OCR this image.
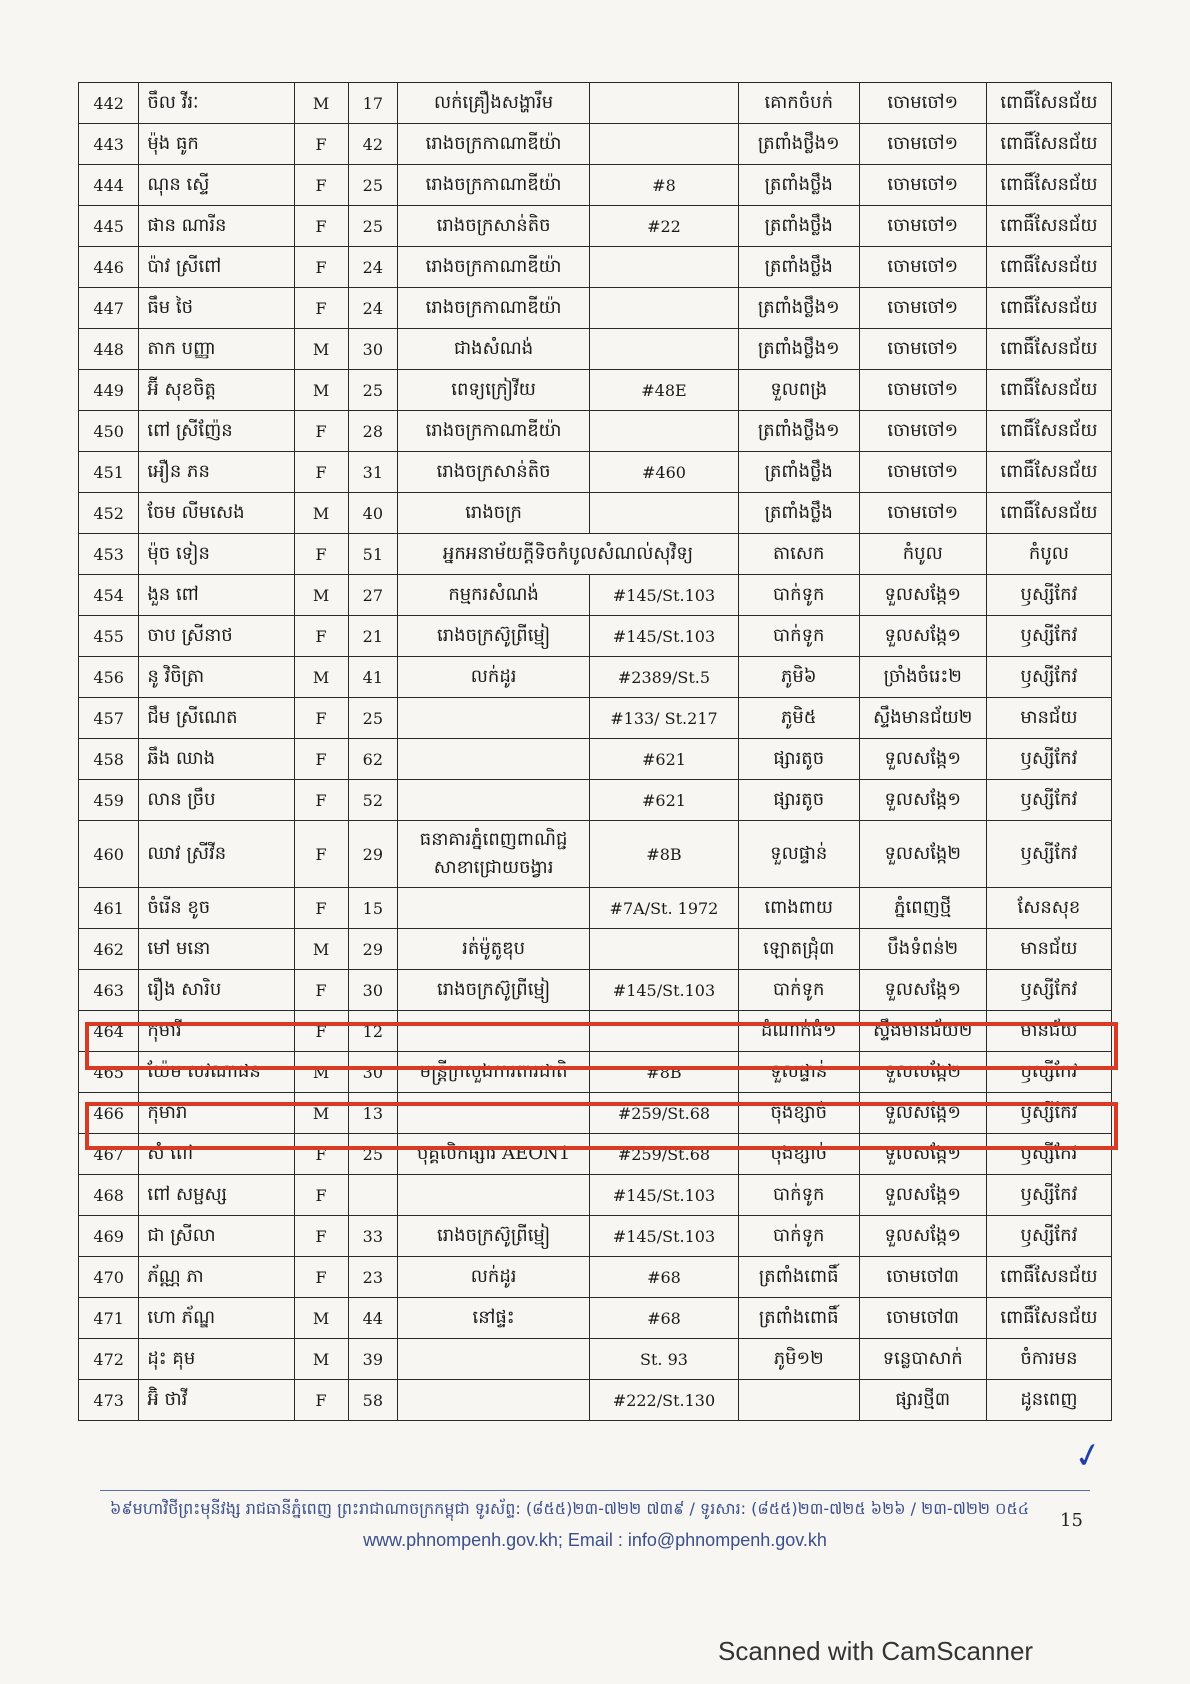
442	ចឹល វីរៈ	M	17	លក់គ្រឿងសង្ហារឹម		គោកចំបក់	ចោមចៅ១	ពោធិ៍សែនជ័យ
443	ម៉ុង ធូក	F	42	រោងចក្រកាណាឌីយ៉ា		ត្រពាំងថ្លឹង១	ចោមចៅ១	ពោធិ៍សែនជ័យ
444	ណុន ស្ទើ	F	25	រោងចក្រកាណាឌីយ៉ា	#8	ត្រពាំងថ្លឹង	ចោមចៅ១	ពោធិ៍សែនជ័យ
445	ផាន ណារីន	F	25	រោងចក្រសាន់តិច	#22	ត្រពាំងថ្លឹង	ចោមចៅ១	ពោធិ៍សែនជ័យ
446	ប៉ាវ ស្រីពៅ	F	24	រោងចក្រកាណាឌីយ៉ា		ត្រពាំងថ្លឹង	ចោមចៅ១	ពោធិ៍សែនជ័យ
447	ធឹម ថៃ	F	24	រោងចក្រកាណាឌីយ៉ា		ត្រពាំងថ្លឹង១	ចោមចៅ១	ពោធិ៍សែនជ័យ
448	តាក បញ្ញា	M	30	ជាងសំណង់		ត្រពាំងថ្លឹង១	ចោមចៅ១	ពោធិ៍សែនជ័យ
449	អ៊ី សុខចិត្ត	M	25	ពេទ្យក្រៀវីយ	#48E	ទួលពង្រ	ចោមចៅ១	ពោធិ៍សែនជ័យ
450	ពៅ ស្រីញ៉ែន	F	28	រោងចក្រកាណាឌីយ៉ា		ត្រពាំងថ្លឹង១	ចោមចៅ១	ពោធិ៍សែនជ័យ
451	អឿន ភន	F	31	រោងចក្រសាន់តិច	#460	ត្រពាំងថ្លឹង	ចោមចៅ១	ពោធិ៍សែនជ័យ
452	ចែម លីមសេង	M	40	រោងចក្រ		ត្រពាំងថ្លឹង	ចោមចៅ១	ពោធិ៍សែនជ័យ
453	ម៉ុច ទៀន	F	51	អ្នកអនាម័យក្ដីទិចកំបូលសំណល់សុវិទ្យ		តាសេក	កំបូល	កំបូល
454	ងួន ពៅ	M	27	កម្មករសំណង់	#145/St.103	បាក់ទូក	ទួលសង្កែ១	ឫស្សីកែវ
455	ចាប ស្រីនាថ	F	21	រោងចក្រស៊ូព្រីម្មៀ	#145/St.103	បាក់ទូក	ទួលសង្កែ១	ឫស្សីកែវ
456	នូ វិចិត្រា	M	41	លក់ដូរ	#2389/St.5	ភូមិ៦	ច្រាំងចំរេះ២	ឫស្សីកែវ
457	ជឹម ស្រីណេត	F	25		#133/ St.217	ភូមិ៥	ស្ទឹងមានជ័យ២	មានជ័យ
458	ឆឹង ឈាង	F	62		#621	ផ្សារតូច	ទួលសង្កែ១	ឫស្សីកែវ
459	លាន ច្រឹប	F	52		#621	ផ្សារតូច	ទួលសង្កែ១	ឫស្សីកែវ
460	ឈាវ ស្រីវីន	F	29	ធនាគារភ្នំពេញពាណិជ្ជ សាខាជ្រោយចង្វារ	#8B	ទួលផ្ទាន់	ទួលសង្កែ២	ឫស្សីកែវ
461	ចំរើន ខូច	F	15		#7A/St. 1972	ពោងពាយ	ភ្នំពេញថ្មី	សែនសុខ
462	មៅ មនោ	M	29	រត់ម៉ូតូឌុប		ឡោតជ្រុំ៣	បឹងទំពន់២	មានជ័យ
463	រឿង សារិប	F	30	រោងចក្រស៊ូព្រីម្មៀ	#145/St.103	បាក់ទូក	ទួលសង្កែ១	ឫស្សីកែវ
464	កុមារី	F	12			ដំណាក់ធំ១	ស្ទឹងមានជ័យ២	មានជ័យ
465	យ៉ែម សវណាផន	M	30	មន្ត្រីក្រសួងការពារជាតិ	#8B	ទួលផ្ទាន់	ទួលសង្កែ២	ឫស្សីកែវ
466	កុមារា	M	13		#259/St.68	ចុងខ្សាច់	ទួលសង្កែ១	ឫស្សីកែវ
467	សំ ពៅ	F	25	បុគ្គលិកផ្សារ AEON1	#259/St.68	ចុងខ្សាច់	ទួលសង្កែ១	ឫស្សីកែវ
468	ពៅ សម្ផស្ស	F			#145/St.103	បាក់ទូក	ទួលសង្កែ១	ឫស្សីកែវ
469	ជា ស្រីលា	F	33	រោងចក្រស៊ូព្រីម្មៀ	#145/St.103	បាក់ទូក	ទួលសង្កែ១	ឫស្សីកែវ
470	ភ័ណ្ណ ភា	F	23	លក់ដូរ	#68	ត្រពាំងពោធិ៍	ចោមចៅ៣	ពោធិ៍សែនជ័យ
471	ហោ ភ័ណ្ឌ	M	44	នៅផ្ទះ	#68	ត្រពាំងពោធិ៍	ចោមចៅ៣	ពោធិ៍សែនជ័យ
472	ដុះ គុម	M	39		St. 93	ភូមិ១២	ទន្លេបាសាក់	ចំការមន
473	អ៊ិ ថាវី	F	58		#222/St.130		ផ្សារថ្មី៣	ដូនពេញ
✓
៦៩មហាវិថីព្រះមុនីវង្ស រាជធានីភ្នំពេញ ព្រះរាជាណាចក្រកម្ពុជា ទូរស័ព្ទ: (៨៥៥)២៣-៧២២ ៧៣៩ / ទូរសារ: (៨៥៥)២៣-៧២៥ ៦២៦ / ២៣-៧២២ ០៥៤
15
www.phnompenh.gov.kh; Email : info@phnompenh.gov.kh
Scanned with CamScanner
